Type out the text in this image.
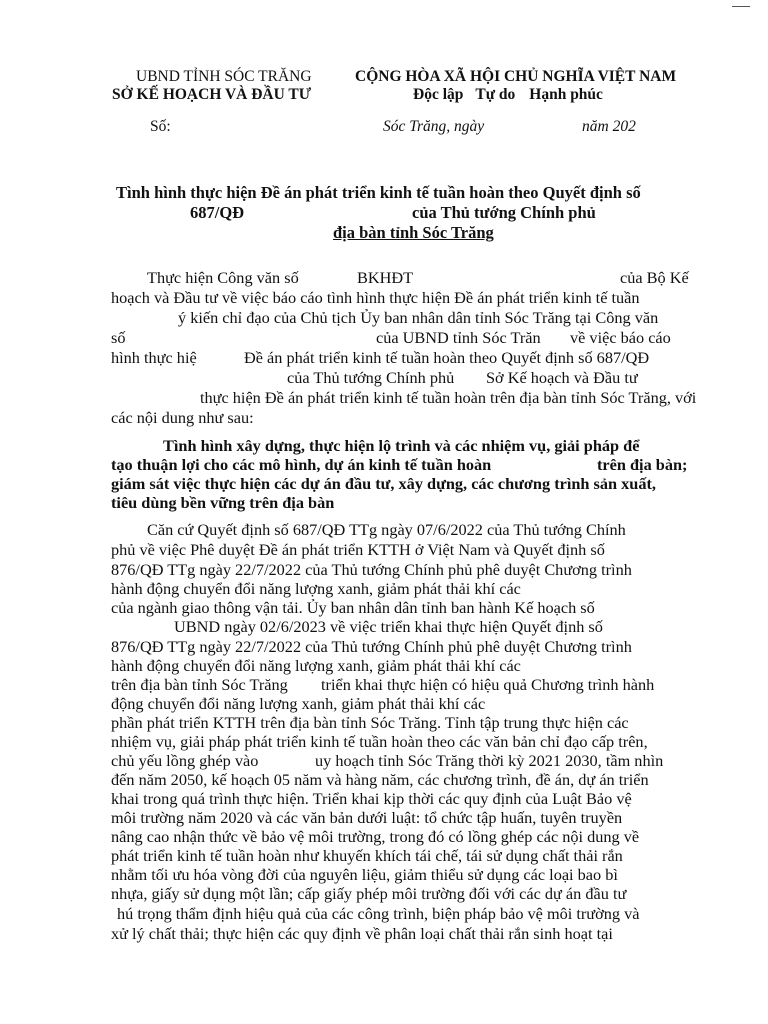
UBND TỈNH SÓC TRĂNG
SỞ KẾ HOẠCH VÀ ĐẦU TƯ
CỘNG HÒA XÃ HỘI CHỦ NGHĨA VIỆT NAM
Độc lập Tự do Hạnh phúc
Số:	Sóc Trăng, ngày	năm 202
Tình hình thực hiện Đề án phát triển kinh tế tuần hoàn theo Quyết định số
687/QĐ	của Thủ tướng Chính phủ
địa bàn tỉnh Sóc Trăng
Thực hiện Công văn số	BKHĐT	của Bộ Kế
hoạch và Đầu tư về việc báo cáo tình hình thực hiện Đề án phát triển kinh tế tuần
ý kiến chỉ đạo của Chủ tịch Ủy ban nhân dân tỉnh Sóc Trăng tại Công văn
số	của UBND tỉnh Sóc Trăn về việc báo cáo
hình thực hiệ	Đề án phát triển kinh tế tuần hoàn theo Quyết định số 687/QĐ
của Thủ tướng Chính phủ Sở Kế hoạch và Đầu tư
thực hiện Đề án phát triển kinh tế tuần hoàn trên địa bàn tỉnh Sóc Trăng, với
các nội dung như sau:
Tình hình xây dựng, thực hiện lộ trình và các nhiệm vụ, giải pháp để
tạo thuận lợi cho các mô hình, dự án kinh tế tuần hoàn	trên địa bàn;
giám sát việc thực hiện các dự án đầu tư, xây dựng, các chương trình sản xuất,
tiêu dùng bền vững trên địa bàn
Căn cứ Quyết định số 687/QĐ TTg ngày 07/6/2022 của Thủ tướng Chính
phủ về việc Phê duyệt Đề án phát triển KTTH ở Việt Nam và Quyết định số
876/QĐ TTg ngày 22/7/2022 của Thủ tướng Chính phủ phê duyệt Chương trình
hành động chuyển đổi năng lượng xanh, giảm phát thải khí các
của ngành giao thông vận tải. Ủy ban nhân dân tỉnh ban hành Kế hoạch số
UBND ngày 02/6/2023 về việc triển khai thực hiện Quyết định số
876/QĐ TTg ngày 22/7/2022 của Thủ tướng Chính phủ phê duyệt Chương trình
hành động chuyển đổi năng lượng xanh, giảm phát thải khí các
trên địa bàn tỉnh Sóc Trăng triển khai thực hiện có hiệu quả Chương trình hành
động chuyển đổi năng lượng xanh, giảm phát thải khí các
phần phát triển KTTH trên địa bàn tỉnh Sóc Trăng. Tỉnh tập trung thực hiện các
nhiệm vụ, giải pháp phát triển kinh tế tuần hoàn theo các văn bản chỉ đạo cấp trên,
chủ yếu lồng ghép vào	uy hoạch tỉnh Sóc Trăng thời kỳ 2021 2030, tầm nhìn
đến năm 2050, kế hoạch 05 năm và hàng năm, các chương trình, đề án, dự án triển
khai trong quá trình thực hiện. Triển khai kịp thời các quy định của Luật Bảo vệ
môi trường năm 2020 và các văn bản dưới luật: tổ chức tập huấn, tuyên truyền
nâng cao nhận thức về bảo vệ môi trường, trong đó có lồng ghép các nội dung về
phát triển kinh tế tuần hoàn như khuyến khích tái chế, tái sử dụng chất thải rắn
nhằm tối ưu hóa vòng đời của nguyên liệu, giảm thiểu sử dụng các loại bao bì
nhựa, giấy sử dụng một lần; cấp giấy phép môi trường đối với các dự án đầu tư
hú trọng thẩm định hiệu quả của các công trình, biện pháp bảo vệ môi trường và
xử lý chất thải; thực hiện các quy định về phân loại chất thải rắn sinh hoạt tại
